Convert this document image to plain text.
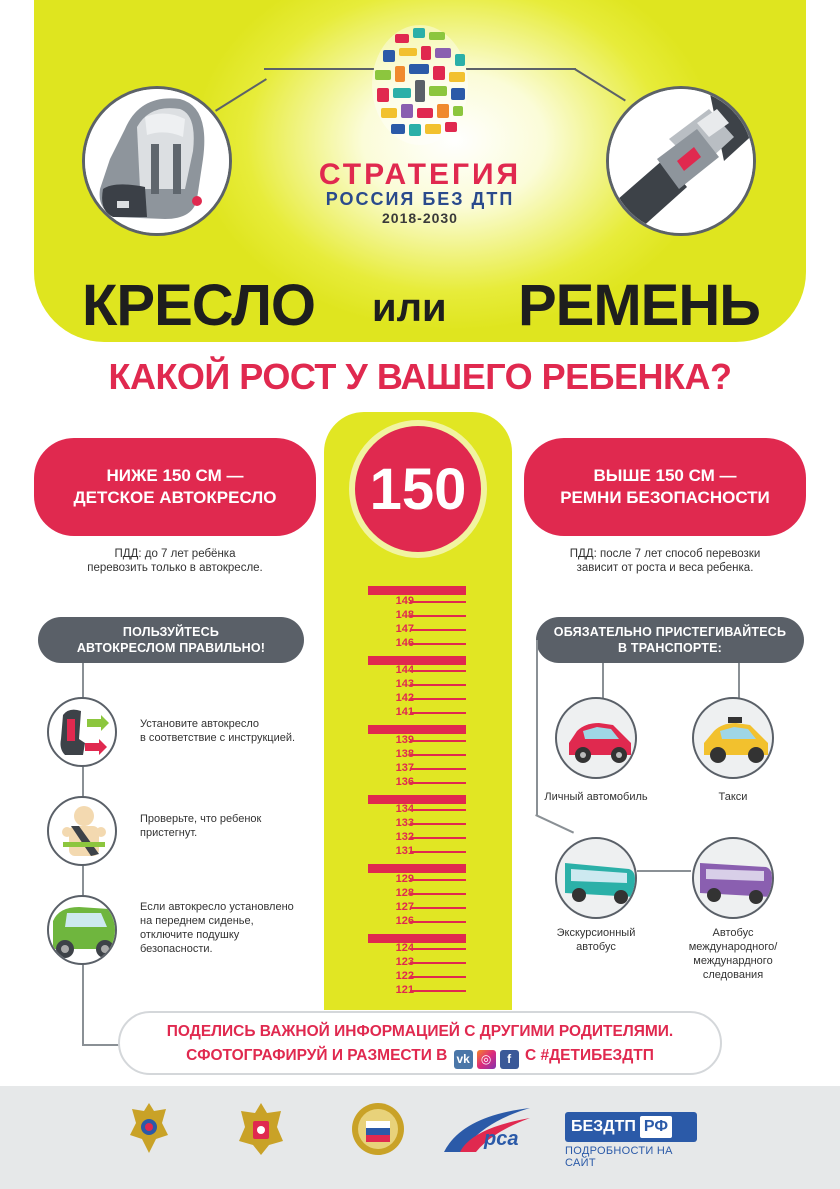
СТРАТЕГИЯ
РОССИЯ БЕЗ ДТП
2018-2030
КРЕСЛО или РЕМЕНЬ
КАКОЙ РОСТ У ВАШЕГО РЕБЕНКА?
149
148
147
146
144
143
142
141
139
138
137
136
134
133
132
131
129
128
127
126
124
123
122
121
150
НИЖЕ 150 СМ —
ДЕТСКОЕ АВТОКРЕСЛО
ПДД: до 7 лет ребёнка
перевозить только в автокресле.
ПОЛЬЗУЙТЕСЬ
АВТОКРЕСЛОМ ПРАВИЛЬНО!
Установите автокресло
в соответствие с инструкцией.
Проверьте, что ребенок
пристегнут.
Если автокресло установлено
на переднем сиденье,
отключите подушку
безопасности.
ВЫШЕ 150 СМ —
РЕМНИ БЕЗОПАСНОСТИ
ПДД: после 7 лет способ перевозки
зависит от роста и веса ребенка.
ОБЯЗАТЕЛЬНО ПРИСТЕГИВАЙТЕСЬ
В ТРАНСПОРТЕ:
Личный автомобиль	Такси
Экскурсионный
автобус
Автобус
международного/
междунардного
следования
ПОДЕЛИСЬ ВАЖНОЙ ИНФОРМАЦИЕЙ С ДРУГИМИ РОДИТЕЛЯМИ.
СФОТОГРАФИРУЙ И РАЗМЕСТИ В vk ◎ f С #ДЕТИБЕЗДТП
рса
БЕЗДТП РФ
ПОДРОБНОСТИ НА САЙТ
